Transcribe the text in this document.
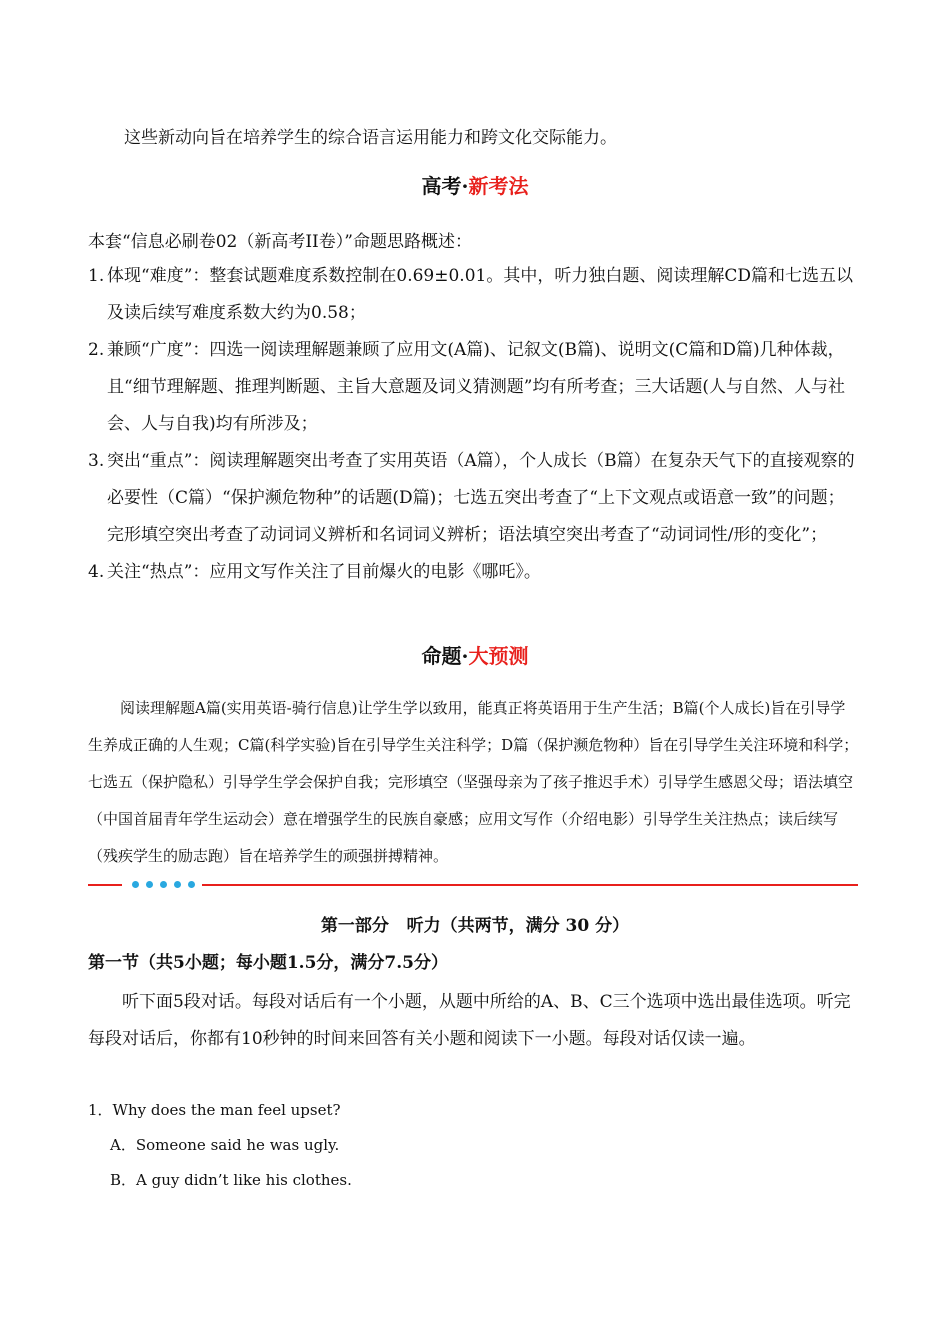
这些新动向旨在培养学生的综合语言运用能力和跨文化交际能力。
高考·新考法
本套“信息必刷卷02（新高考II卷）”命题思路概述：
1. 体现“难度”：整套试题难度系数控制在0.69±0.01。其中，听力独白题、阅读理解CD篇和七选五以及读后续写难度系数大约为0.58；
2. 兼顾“广度”：四选一阅读理解题兼顾了应用文(A篇)、记叙文(B篇)、说明文(C篇和D篇)几种体裁，且“细节理解题、推理判断题、主旨大意题及词义猜测题”均有所考查；三大话题(人与自然、人与社会、人与自我)均有所涉及；
3. 突出“重点”：阅读理解题突出考查了实用英语（A篇），个人成长（B篇）在复杂天气下的直接观察的必要性（C篇）“保护濒危物种”的话题(D篇)；七选五突出考查了“上下文观点或语意一致”的问题；完形填空突出考查了动词词义辨析和名词词义辨析；语法填空突出考查了“动词词性/形的变化”；
4. 关注“热点”：应用文写作关注了目前爆火的电影《哪吒》。
命题·大预测
阅读理解题A篇(实用英语-骑行信息)让学生学以致用，能真正将英语用于生产生活；B篇(个人成长)旨在引导学生养成正确的人生观；C篇(科学实验)旨在引导学生关注科学；D篇（保护濒危物种）旨在引导学生关注环境和科学；七选五（保护隐私）引导学生学会保护自我；完形填空（坚强母亲为了孩子推迟手术）引导学生感恩父母；语法填空（中国首届青年学生运动会）意在增强学生的民族自豪感；应用文写作（介绍电影）引导学生关注热点；读后续写（残疾学生的励志跑）旨在培养学生的顽强拼搏精神。
第一部分   听力（共两节，满分 30 分）
第一节（共5小题；每小题1.5分，满分7.5分）
听下面5段对话。每段对话后有一个小题，从题中所给的A、B、C三个选项中选出最佳选项。听完每段对话后，你都有10秒钟的时间来回答有关小题和阅读下一小题。每段对话仅读一遍。
1．Why does the man feel upset?
A．Someone said he was ugly.
B．A guy didn’t like his clothes.
